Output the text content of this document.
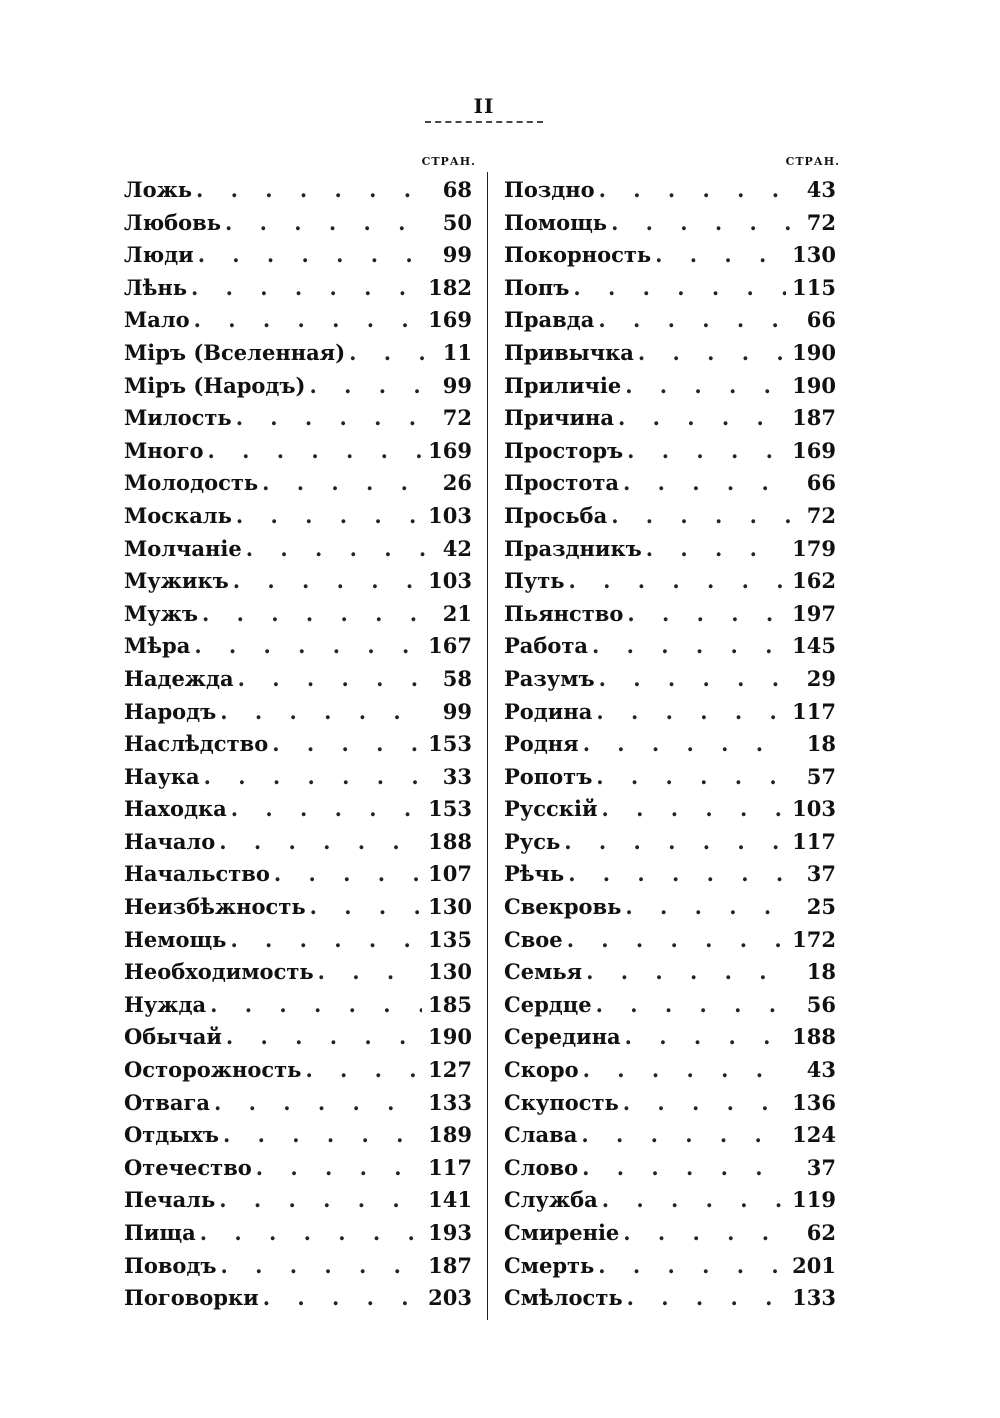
II
СТРАН.	СТРАН.
Ложь . . .	68
Любовь . . .	50
Люди . . .	99
Лѣнь . . .	182
Мало . . .	169
Міръ (Вселенная) . . .	11
Міръ (Народъ) . . .	99
Милость . . .	72
Много . . .	169
Молодость . . .	26
Москаль . . .	103
Молчаніе . . .	42
Мужикъ . . .	103
Мужъ . . .	21
Мѣра . . .	167
Надежда . . .	58
Народъ . . .	99
Наслѣдство . . .	153
Наука . . .	33
Находка . . .	153
Начало . . .	188
Начальство . . .	107
Неизбѣжность . . .	130
Немощь . . .	135
Необходимость . . .	130
Нужда . . .	185
Обычай . . .	190
Осторожность . . .	127
Отвага . . .	133
Отдыхъ . . .	189
Отечество . . .	117
Печаль . . .	141
Пища . . .	193
Поводъ . . .	187
Поговорки . . .	203
Поздно . . .	43
Помощь . . .	72
Покорность . . .	130
Попъ . . .	115
Правда . . .	66
Привычка . . .	190
Приличіе . . .	190
Причина . . .	187
Просторъ . . .	169
Простота . . .	66
Просьба . . .	72
Праздникъ . . .	179
Путь . . .	162
Пьянство . . .	197
Работа . . .	145
Разумъ . . .	29
Родина . . .	117
Родня . . .	18
Ропотъ . . .	57
Русскій . . .	103
Русь . . .	117
Рѣчь . . .	37
Свекровь . . .	25
Свое . . .	172
Семья . . .	18
Сердце . . .	56
Середина . . .	188
Скоро . . .	43
Скупость . . .	136
Слава . . .	124
Слово . . .	37
Служба . . .	119
Смиреніе . . .	62
Смерть . . .	201
Смѣлость . . .	133
